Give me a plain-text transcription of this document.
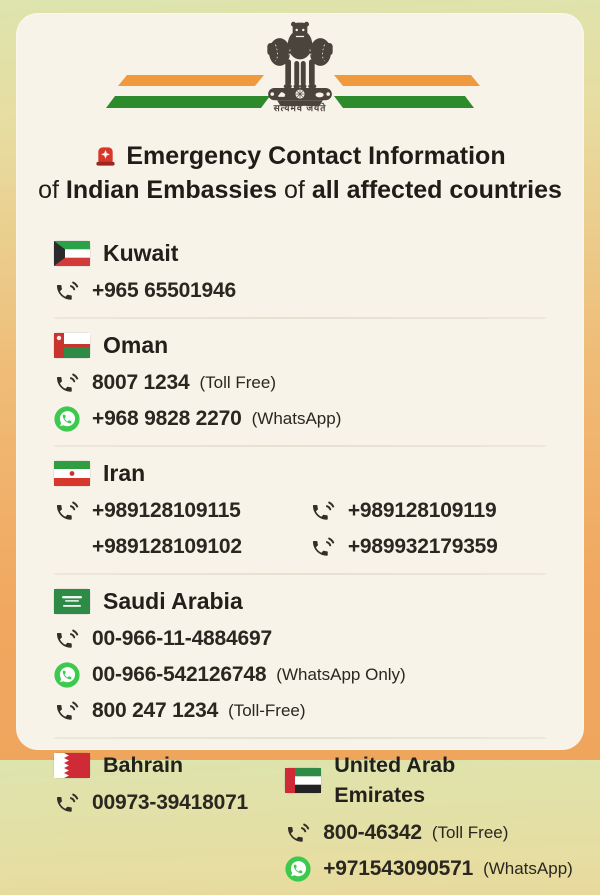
सत्यमेव जयते
Emergency Contact Information
of Indian Embassies of all affected countries
Kuwait
+965 65501946
Oman
8007 1234 (Toll Free)
+968 9828 2270 (WhatsApp)
Iran
+989128109115
+989128109102
+989128109119
+989932179359
Saudi Arabia
00-966-11-4884697
00-966-542126748 (WhatsApp Only)
800 247 1234 (Toll-Free)
Bahrain
00973-39418071
United Arab Emirates
800-46342 (Toll Free)
+971543090571 (WhatsApp)
